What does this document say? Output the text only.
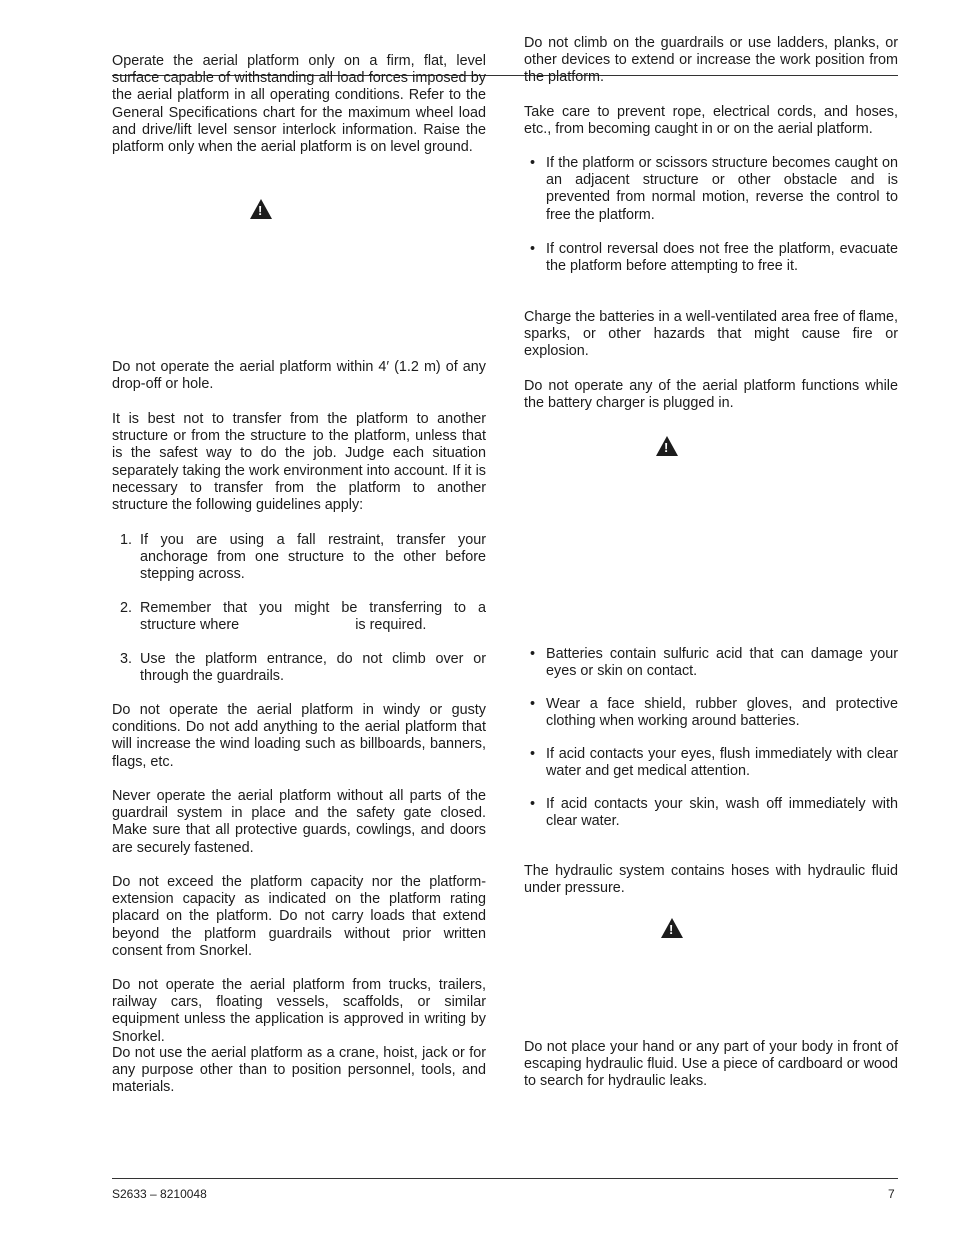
Operate the aerial platform only on a firm, flat, level surface capable of withstanding all load forces imposed by the aerial platform in all operating conditions. Refer to the General Specifications chart for the maximum wheel load and drive/lift level sensor interlock information. Raise the platform only when the aerial platform is on level ground.

!

Do not operate the aerial platform within 4′ (1.2 m) of any drop-off or hole.

It is best not to transfer from the platform to another structure or from the structure to the platform, unless that is the safest way to do the job. Judge each situation separately taking the work environment into account. If it is necessary to transfer from the platform to another structure the following guidelines apply:

1. If you are using a fall restraint, transfer your anchorage from one structure to the other before stepping across.

2. Remember that you might be transferring to a structure where	is required.

3. Use the platform entrance, do not climb over or through the guardrails.

Do not operate the aerial platform in windy or gusty conditions. Do not add anything to the aerial platform that will increase the wind loading such as billboards, banners, flags, etc.

Never operate the aerial platform without all parts of the guardrail system in place and the safety gate closed. Make sure that all protective guards, cowlings, and doors are securely fastened.

Do not exceed the platform capacity nor the platform-extension capacity as indicated on the platform rating placard on the platform. Do not carry loads that extend beyond the platform guardrails without prior written consent from Snorkel.

Do not operate the aerial platform from trucks, trailers, railway cars, floating vessels, scaffolds, or similar equipment unless the application is approved in writing by Snorkel.

Do not use the aerial platform as a crane, hoist, jack or for any purpose other than to position personnel, tools, and materials.

Do not climb on the guardrails or use ladders, planks, or other devices to extend or increase the work position from the platform.

Take care to prevent rope, electrical cords, and hoses, etc., from becoming caught in or on the aerial platform.

• If the platform or scissors structure becomes caught on an adjacent structure or other obstacle and is prevented from normal motion, reverse the control to free the platform.

• If control reversal does not free the platform, evacuate the platform before attempting to free it.

Charge the batteries in a well-ventilated area free of flame, sparks, or other hazards that might cause fire or explosion.

Do not operate any of the aerial platform functions while the battery charger is plugged in.

!
• Batteries contain sulfuric acid that can damage your eyes or skin on contact.

• Wear a face shield, rubber gloves, and protective clothing when working around batteries.

• If acid contacts your eyes, flush immediately with clear water and get medical attention.

• If acid contacts your skin, wash off immediately with clear water.

The hydraulic system contains hoses with hydraulic fluid under pressure.

!

Do not place your hand or any part of your body in front of escaping hydraulic fluid. Use a piece of cardboard or wood to search for hydraulic leaks.

S2633 – 8210048	7
